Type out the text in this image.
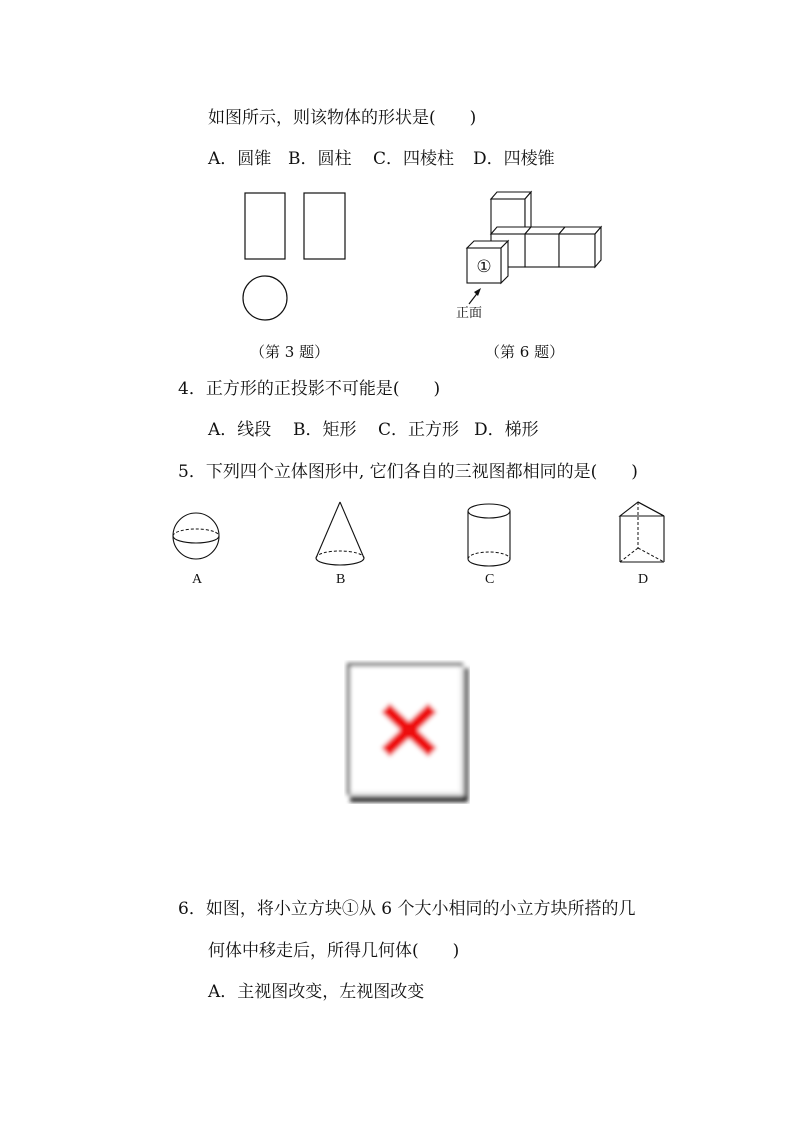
如图所示，则该物体的形状是(　　)
A．圆锥 B．圆柱 C．四棱柱 D．四棱锥
（第 3 题）
①
正面
（第 6 题）
4．正方形的正投影不可能是(　　)
A．线段 B．矩形 C．正方形 D．梯形
5．下列四个立体图形中, 它们各自的三视图都相同的是(　　)
A	B	C	D
6．如图，将小立方块①从 6 个大小相同的小立方块所搭的几
何体中移走后，所得几何体(　　)
A．主视图改变，左视图改变
